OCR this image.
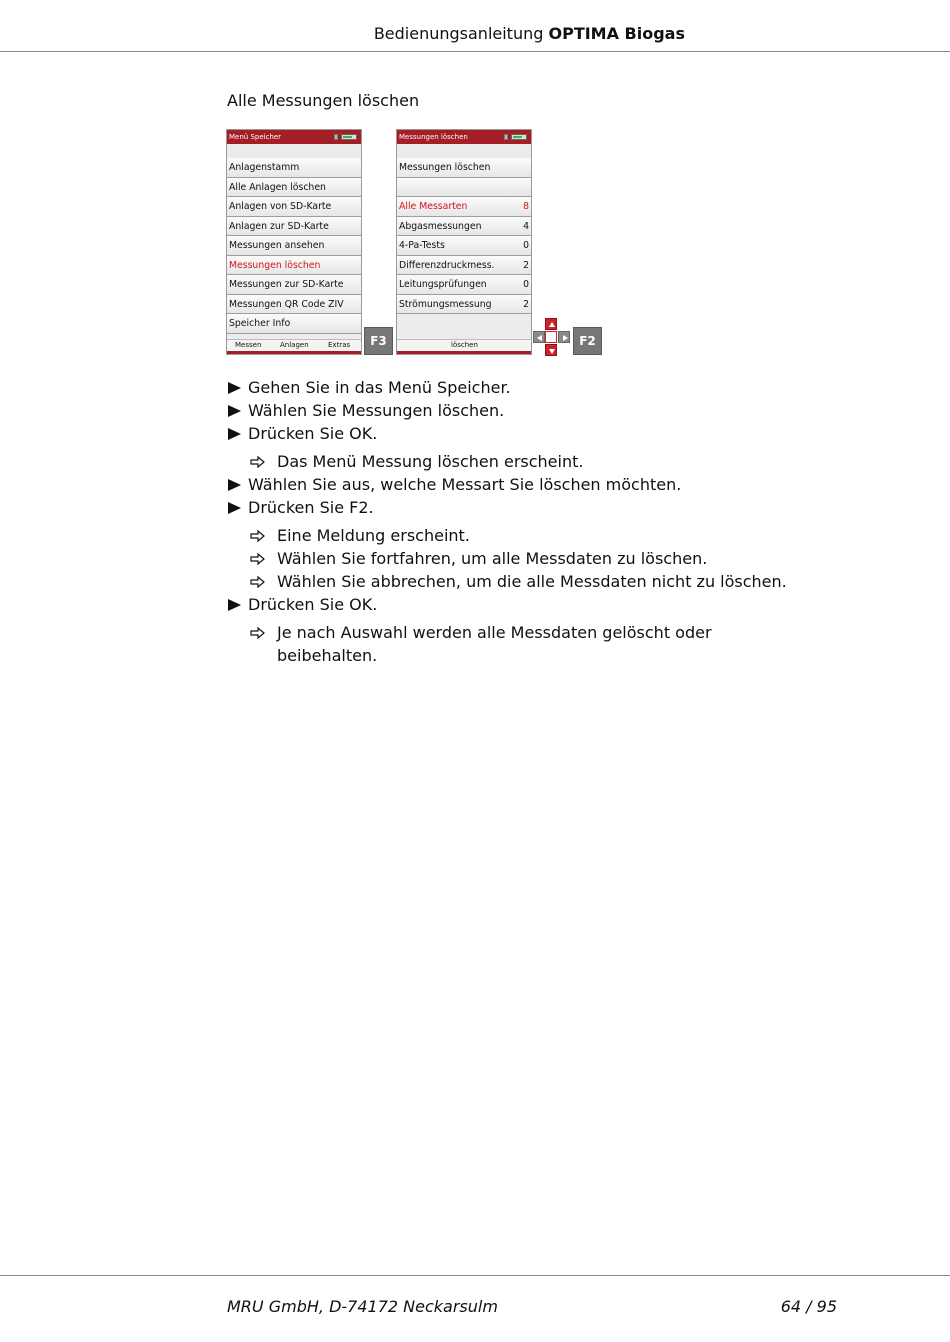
Bedienungsanleitung OPTIMA Biogas
Alle Messungen löschen
Menü Speicher
Anlagenstamm
Alle Anlagen löschen
Anlagen von SD-Karte
Anlagen zur SD-Karte
Messungen ansehen
Messungen löschen
Messungen zur SD-Karte
Messungen QR Code ZIV
Speicher Info
Messen	Anlagen	Extras	F3
Messungen löschen
Messungen löschen
Alle Messarten	8
Abgasmessungen	4
4-Pa-Tests	0
Differenzdruckmess.	2
Leitungsprüfungen	0
Strömungsmessung	2
löschen	F2
Gehen Sie in das Menü Speicher.
Wählen Sie Messungen löschen.
Drücken Sie OK.
Das Menü Messung löschen erscheint.
Wählen Sie aus, welche Messart Sie löschen möchten.
Drücken Sie F2.
Eine Meldung erscheint.
Wählen Sie fortfahren, um alle Messdaten zu löschen.
Wählen Sie abbrechen, um die alle Messdaten nicht zu löschen.
Drücken Sie OK.
Je nach Auswahl werden alle Messdaten gelöscht oder
beibehalten.
MRU GmbH, D-74172 Neckarsulm	64 / 95
